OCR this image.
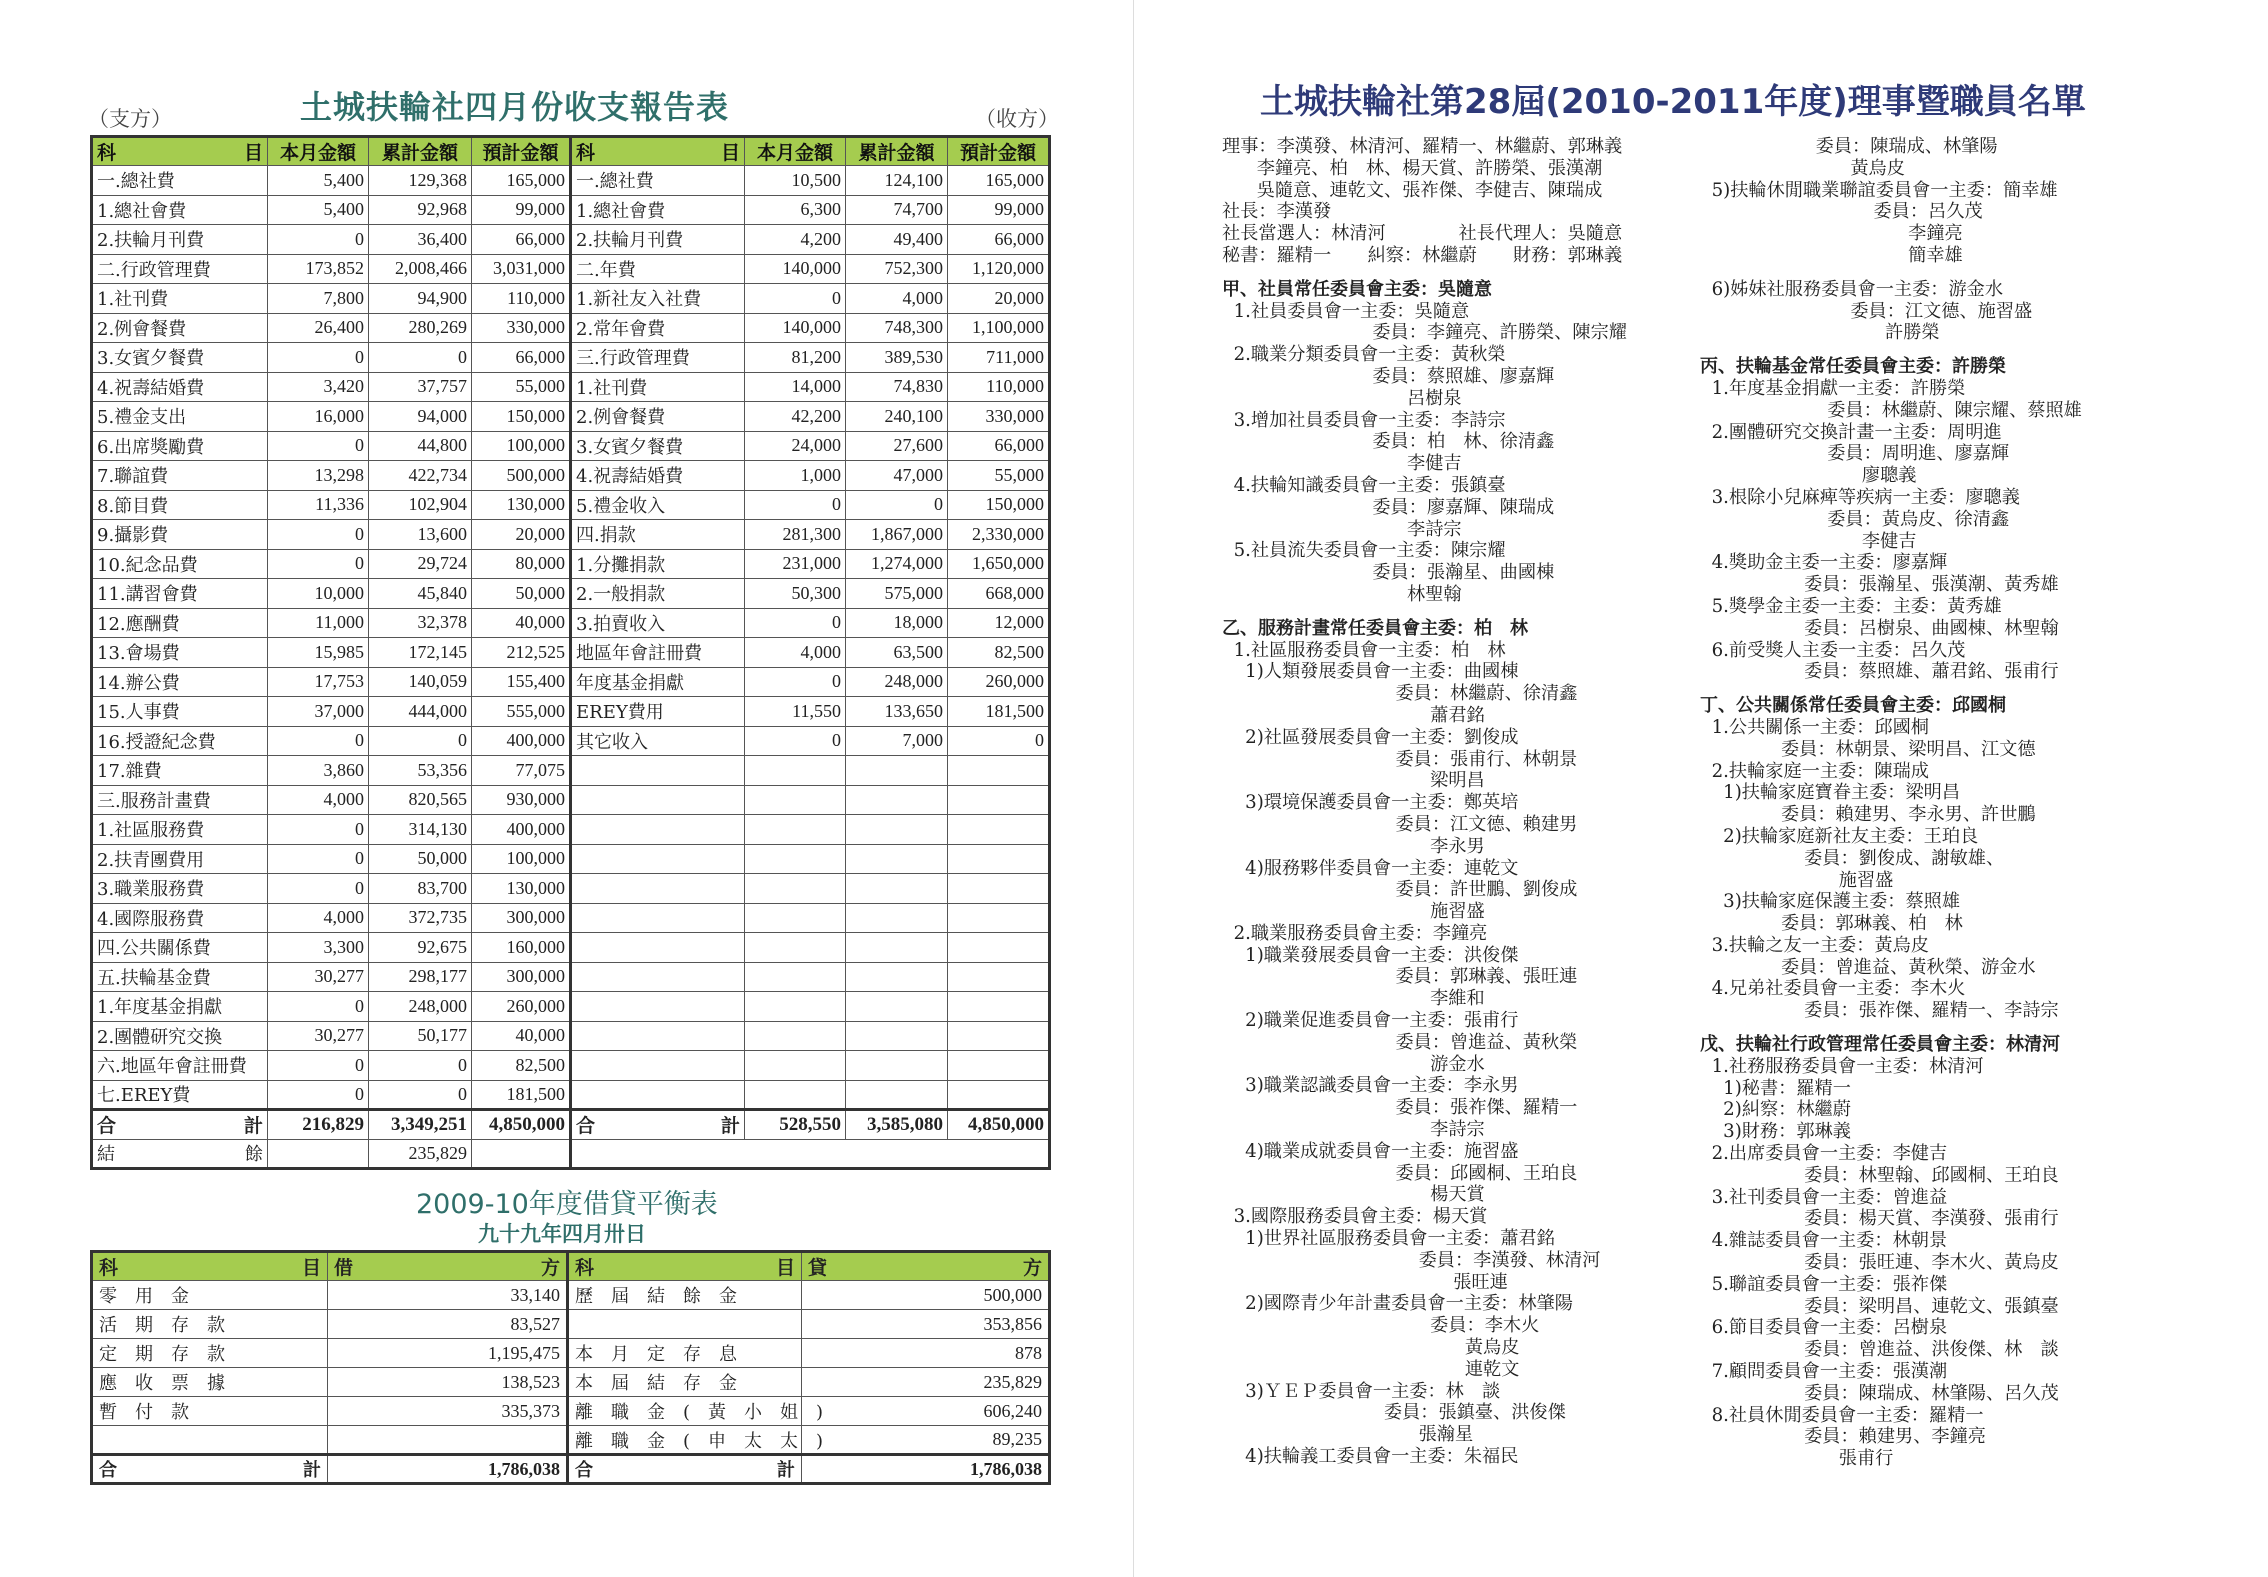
（支方）	土城扶輪社四月份收支報告表	（收方）
科 目	本月金額	累計金額	預計金額	科 目	本月金額	累計金額	預計金額
一.總社費	5,400	129,368	165,000	一.總社費	10,500	124,100	165,000
1.總社會費	5,400	92,968	99,000	1.總社會費	6,300	74,700	99,000
2.扶輪月刊費	0	36,400	66,000	2.扶輪月刊費	4,200	49,400	66,000
二.行政管理費	173,852	2,008,466	3,031,000	二.年費	140,000	752,300	1,120,000
1.社刊費	7,800	94,900	110,000	1.新社友入社費	0	4,000	20,000
2.例會餐費	26,400	280,269	330,000	2.常年會費	140,000	748,300	1,100,000
3.女賓夕餐費	0	0	66,000	三.行政管理費	81,200	389,530	711,000
4.祝壽結婚費	3,420	37,757	55,000	1.社刊費	14,000	74,830	110,000
5.禮金支出	16,000	94,000	150,000	2.例會餐費	42,200	240,100	330,000
6.出席獎勵費	0	44,800	100,000	3.女賓夕餐費	24,000	27,600	66,000
7.聯誼費	13,298	422,734	500,000	4.祝壽結婚費	1,000	47,000	55,000
8.節目費	11,336	102,904	130,000	5.禮金收入	0	0	150,000
9.攝影費	0	13,600	20,000	四.捐款	281,300	1,867,000	2,330,000
10.紀念品費	0	29,724	80,000	1.分攤捐款	231,000	1,274,000	1,650,000
11.講習會費	10,000	45,840	50,000	2.一般捐款	50,300	575,000	668,000
12.應酬費	11,000	32,378	40,000	3.拍賣收入	0	18,000	12,000
13.會場費	15,985	172,145	212,525	地區年會註冊費	4,000	63,500	82,500
14.辦公費	17,753	140,059	155,400	年度基金捐獻	0	248,000	260,000
15.人事費	37,000	444,000	555,000	EREY費用	11,550	133,650	181,500
16.授證紀念費	0	0	400,000	其它收入	0	7,000	0
17.雜費	3,860	53,356	77,075				
三.服務計畫費	4,000	820,565	930,000				
1.社區服務費	0	314,130	400,000				
2.扶青團費用	0	50,000	100,000				
3.職業服務費	0	83,700	130,000				
4.國際服務費	4,000	372,735	300,000				
四.公共關係費	3,300	92,675	160,000				
五.扶輪基金費	30,277	298,177	300,000				
1.年度基金捐獻	0	248,000	260,000				
2.團體研究交換	30,277	50,177	40,000				
六.地區年會註冊費	0	0	82,500				
七.EREY費	0	0	181,500				

合 計	216,829	3,349,251	4,850,000	合 計	528,550	3,585,080	4,850,000

結 餘		235,829					
2009-10年度借貸平衡表
九十九年四月卅日
科 目	借 方	科 目	貸 方

零用金	33,140	歷屆結餘金	500,000
活期存款	83,527		353,856
定期存款	1,195,475	本月定存息	878
應收票據	138,523	本屆結存金	235,829
暫付款	335,373	離職金(黃小姐)	606,240
		離職金(申太太)	89,235

合 計	1,786,038	合 計	1,786,038
土城扶輪社第28屆(2010-2011年度)理事暨職員名單
理事：李漢發、林清河、羅精一、林繼蔚、郭琳義
李鐘亮、柏　林、楊天賞、許勝榮、張漢潮
吳隨意、連乾文、張祚傑、李健吉、陳瑞成
社長：李漢發
社長當選人：林清河　　　　社長代理人：吳隨意
秘書：羅精一　　糾察：林繼蔚　　財務：郭琳義
甲、社員常任委員會主委：吳隨意
1.社員委員會一主委：吳隨意
委員：李鐘亮、許勝榮、陳宗耀
2.職業分類委員會一主委：黃秋榮
委員：蔡照雄、廖嘉輝
呂樹泉
3.增加社員委員會一主委：李詩宗
委員：柏　林、徐清鑫
李健吉
4.扶輪知識委員會一主委：張鎮臺
委員：廖嘉輝、陳瑞成
李詩宗
5.社員流失委員會一主委：陳宗耀
委員：張瀚星、曲國棟
林聖翰
乙、服務計畫常任委員會主委：柏　林
1.社區服務委員會一主委：柏　林
1)人類發展委員會一主委：曲國棟
委員：林繼蔚、徐清鑫
蕭君銘
2)社區發展委員會一主委：劉俊成
委員：張甫行、林朝景
梁明昌
3)環境保護委員會一主委：鄭英培
委員：江文德、賴建男
李永男
4)服務夥伴委員會一主委：連乾文
委員：許世鵬、劉俊成
施習盛
2.職業服務委員會主委：李鐘亮
1)職業發展委員會一主委：洪俊傑
委員：郭琳義、張旺連
李維和
2)職業促進委員會一主委：張甫行
委員：曾進益、黃秋榮
游金水
3)職業認識委員會一主委：李永男
委員：張祚傑、羅精一
李詩宗
4)職業成就委員會一主委：施習盛
委員：邱國桐、王珀良
楊天賞
3.國際服務委員會主委：楊天賞
1)世界社區服務委員會一主委：蕭君銘
委員：李漢發、林清河
張旺連
2)國際青少年計畫委員會一主委：林肇陽
委員：李木火
黃烏皮
連乾文
3)ＹＥＰ委員會一主委：林　談
委員：張鎮臺、洪俊傑
張瀚星
4)扶輪義工委員會一主委：朱福民
委員：陳瑞成、林肇陽
黃烏皮
5)扶輪休閒職業聯誼委員會一主委：簡幸雄
委員：呂久茂
李鐘亮
簡幸雄
6)姊妹社服務委員會一主委：游金水
委員：江文德、施習盛
許勝榮
丙、扶輪基金常任委員會主委：許勝榮
1.年度基金捐獻一主委：許勝榮
委員：林繼蔚、陳宗耀、蔡照雄
2.團體研究交換計畫一主委：周明進
委員：周明進、廖嘉輝
廖聰義
3.根除小兒麻痺等疾病一主委：廖聰義
委員：黃烏皮、徐清鑫
李健吉
4.獎助金主委一主委：廖嘉輝
委員：張瀚星、張漢潮、黃秀雄
5.獎學金主委一主委：主委：黃秀雄
委員：呂樹泉、曲國棟、林聖翰
6.前受獎人主委一主委：呂久茂
委員：蔡照雄、蕭君銘、張甫行
丁、公共關係常任委員會主委：邱國桐
1.公共關係一主委：邱國桐
委員：林朝景、梁明昌、江文德
2.扶輪家庭一主委：陳瑞成
1)扶輪家庭寶眷主委：梁明昌
委員：賴建男、李永男、許世鵬
2)扶輪家庭新社友主委：王珀良
委員：劉俊成、謝敏雄、
施習盛
3)扶輪家庭保護主委：蔡照雄
委員：郭琳義、柏　林
3.扶輪之友一主委：黃烏皮
委員：曾進益、黃秋榮、游金水
4.兄弟社委員會一主委：李木火
委員：張祚傑、羅精一、李詩宗
戊、扶輪社行政管理常任委員會主委：林清河
1.社務服務委員會一主委：林清河
1)秘書：羅精一
2)糾察：林繼蔚
3)財務：郭琳義
2.出席委員會一主委：李健吉
委員：林聖翰、邱國桐、王珀良
3.社刊委員會一主委：曾進益
委員：楊天賞、李漢發、張甫行
4.雜誌委員會一主委：林朝景
委員：張旺連、李木火、黃烏皮
5.聯誼委員會一主委：張祚傑
委員：梁明昌、連乾文、張鎮臺
6.節目委員會一主委：呂樹泉
委員：曾進益、洪俊傑、林　談
7.顧問委員會一主委：張漢潮
委員：陳瑞成、林肇陽、呂久茂
8.社員休閒委員會一主委：羅精一
委員：賴建男、李鐘亮
張甫行
